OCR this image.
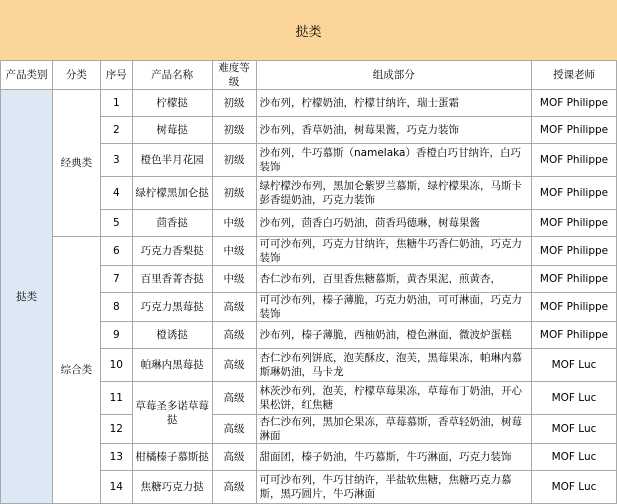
挞类
产品类别	分类	序号	产品名称	难度等级	组成部分	授课老师
挞类	经典类	1	柠檬挞	初级	沙布列，柠檬奶油，柠檬甘纳许，瑞士蛋霜	MOF Philippe
		2	树莓挞	初级	沙布列，香草奶油，树莓果酱，巧克力装饰	MOF Philippe
		3	橙色半月花园	初级	沙布列，牛巧慕斯（namelaka）香橙白巧甘纳许，白巧装饰	MOF Philippe
		4	绿柠檬黑加仑挞	初级	绿柠檬沙布列，黑加仑紫罗兰慕斯，绿柠檬果冻，马斯卡彭香缇奶油，巧克力装饰	MOF Philippe
		5	茴香挞	中级	沙布列，茴香白巧奶油，茴香玛德琳，树莓果酱	MOF Philippe
	综合类	6	巧克力香梨挞	中级	可可沙布列，巧克力甘纳许，焦糖牛巧香仁奶油，巧克力装饰	MOF Philippe
		7	百里香菁杏挞	中级	杏仁沙布列，百里香焦糖慕斯，黄杏果泥，煎黄杏，	MOF Philippe
		8	巧克力黑莓挞	高级	可可沙布列，榛子薄脆，巧克力奶油，可可淋面，巧克力装饰	MOF Philippe
		9	橙诱挞	高级	沙布列，榛子薄脆，西柚奶油，橙色淋面，微波炉蛋糕	MOF Philippe
		10	帕琳内黑莓挞	高级	杏仁沙布列饼底，泡芙酥皮，泡芙，黑莓果冻，帕琳内慕斯琳奶油，马卡龙	MOF Luc
		11	草莓圣多诺草莓挞	高级	林茨沙布列，泡芙，柠檬草莓果冻，草莓布丁奶油，开心果松饼，红焦糖	MOF Luc
		12		高级	杏仁沙布列，黑加仑果冻，草莓慕斯，香草轻奶油，树莓淋面	MOF Luc
		13	柑橘榛子慕斯挞	高级	甜面团，榛子奶油，牛巧慕斯，牛巧淋面，巧克力装饰	MOF Luc
		14	焦糖巧克力挞	高级	可可沙布列，牛巧甘纳许，半盐软焦糖，焦糖巧克力慕斯，黑巧圆片，牛巧淋面	MOF Luc
